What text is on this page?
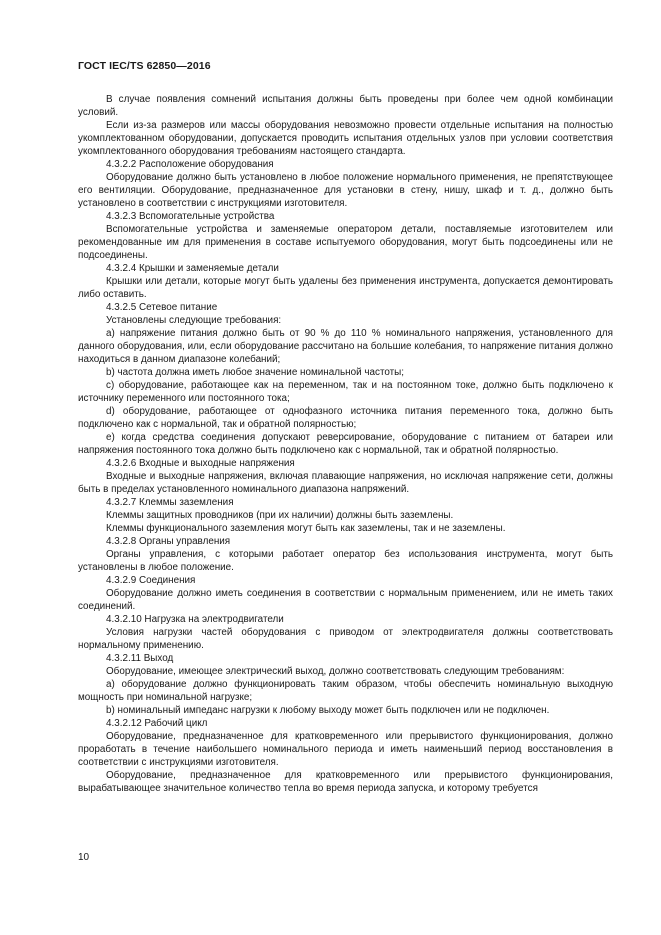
ГОСТ IEC/TS 62850—2016

В случае появления сомнений испытания должны быть проведены при более чем одной комбинации условий.

Если из-за размеров или массы оборудования невозможно провести отдельные испытания на полностью укомплектованном оборудовании, допускается проводить испытания отдельных узлов при условии соответствия укомплектованного оборудования требованиям настоящего стандарта.

4.3.2.2 Расположение оборудования

Оборудование должно быть установлено в любое положение нормального применения, не препятствующее его вентиляции. Оборудование, предназначенное для установки в стену, нишу, шкаф и т. д., должно быть установлено в соответствии с инструкциями изготовителя.

4.3.2.3 Вспомогательные устройства

Вспомогательные устройства и заменяемые оператором детали, поставляемые изготовителем или рекомендованные им для применения в составе испытуемого оборудования, могут быть подсоединены или не подсоединены.

4.3.2.4 Крышки и заменяемые детали

Крышки или детали, которые могут быть удалены без применения инструмента, допускается демонтировать либо оставить.

4.3.2.5 Сетевое питание

Установлены следующие требования:

a) напряжение питания должно быть от 90 % до 110 % номинального напряжения, установленного для данного оборудования, или, если оборудование рассчитано на большие колебания, то напряжение питания должно находиться в данном диапазоне колебаний;

b) частота должна иметь любое значение номинальной частоты;

c) оборудование, работающее как на переменном, так и на постоянном токе, должно быть подключено к источнику переменного или постоянного тока;

d) оборудование, работающее от однофазного источника питания переменного тока, должно быть подключено как с нормальной, так и обратной полярностью;

e) когда средства соединения допускают реверсирование, оборудование с питанием от батареи или напряжения постоянного тока должно быть подключено как с нормальной, так и обратной полярностью.

4.3.2.6 Входные и выходные напряжения

Входные и выходные напряжения, включая плавающие напряжения, но исключая напряжение сети, должны быть в пределах установленного номинального диапазона напряжений.

4.3.2.7 Клеммы заземления

Клеммы защитных проводников (при их наличии) должны быть заземлены.

Клеммы функционального заземления могут быть как заземлены, так и не заземлены.

4.3.2.8 Органы управления

Органы управления, с которыми работает оператор без использования инструмента, могут быть установлены в любое положение.

4.3.2.9 Соединения

Оборудование должно иметь соединения в соответствии с нормальным применением, или не иметь таких соединений.

4.3.2.10 Нагрузка на электродвигатели

Условия нагрузки частей оборудования с приводом от электродвигателя должны соответствовать нормальному применению.

4.3.2.11 Выход

Оборудование, имеющее электрический выход, должно соответствовать следующим требованиям:

a) оборудование должно функционировать таким образом, чтобы обеспечить номинальную выходную мощность при номинальной нагрузке;

b) номинальный импеданс нагрузки к любому выходу может быть подключен или не подключен.

4.3.2.12 Рабочий цикл

Оборудование, предназначенное для кратковременного или прерывистого функционирования, должно проработать в течение наибольшего номинального периода и иметь наименьший период восстановления в соответствии с инструкциями изготовителя.

Оборудование, предназначенное для кратковременного или прерывистого функционирования, вырабатывающее значительное количество тепла во время периода запуска, и которому требуется

10
